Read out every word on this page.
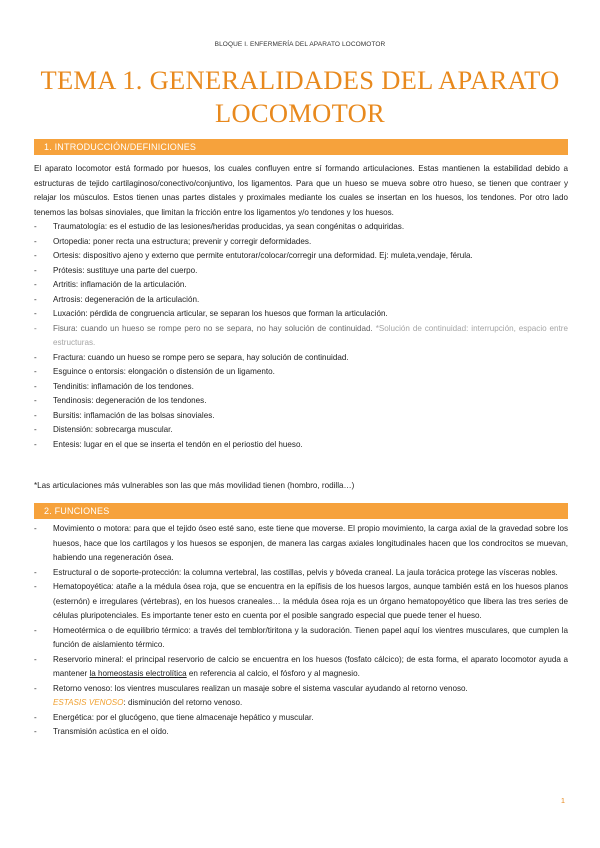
BLOQUE I. ENFERMERÍA DEL APARATO LOCOMOTOR
TEMA 1. GENERALIDADES DEL APARATO
LOCOMOTOR
1. INTRODUCCIÓN/DEFINICIONES
El aparato locomotor está formado por huesos, los cuales confluyen entre sí formando articulaciones. Estas mantienen la estabilidad debido a estructuras de tejido cartilaginoso/conectivo/conjuntivo, los ligamentos. Para que un hueso se mueva sobre otro hueso, se tienen que contraer y relajar los músculos. Estos tienen unas partes distales y proximales mediante los cuales se insertan en los huesos, los tendones. Por otro lado tenemos las bolsas sinoviales, que limitan la fricción entre los ligamentos y/o tendones y los huesos.
- Traumatología: es el estudio de las lesiones/heridas producidas, ya sean congénitas o adquiridas.
- Ortopedia: poner recta una estructura; prevenir y corregir deformidades.
- Ortesis: dispositivo ajeno y externo que permite entutorar/colocar/corregir una deformidad. Ej: muleta,vendaje, férula.
- Prótesis: sustituye una parte del cuerpo.
- Artritis: inflamación de la articulación.
- Artrosis: degeneración de la articulación.
- Luxación: pérdida de congruencia articular, se separan los huesos que forman la articulación.
- Fisura: cuando un hueso se rompe pero no se separa, no hay solución de continuidad. *Solución de continuidad: interrupción, espacio entre estructuras.
- Fractura: cuando un hueso se rompe pero se separa, hay solución de continuidad.
- Esguince o entorsis: elongación o distensión de un ligamento.
- Tendinitis: inflamación de los tendones.
- Tendinosis: degeneración de los tendones.
- Bursitis: inflamación de las bolsas sinoviales.
- Distensión: sobrecarga muscular.
- Entesis: lugar en el que se inserta el tendón en el periostio del hueso.
*Las articulaciones más vulnerables son las que más movilidad tienen (hombro, rodilla…)
2. FUNCIONES
- Movimiento o motora: para que el tejido óseo esté sano, este tiene que moverse. El propio movimiento, la carga axial de la gravedad sobre los huesos, hace que los cartílagos y los huesos se esponjen, de manera las cargas axiales longitudinales hacen que los condrocitos se muevan, habiendo una regeneración ósea.
- Estructural o de soporte-protección: la columna vertebral, las costillas, pelvis y bóveda craneal. La jaula torácica protege las vísceras nobles.
- Hematopoyética: atañe a la médula ósea roja, que se encuentra en la epífisis de los huesos largos, aunque también está en los huesos planos (esternón) e irregulares (vértebras), en los huesos craneales… la médula ósea roja es un órgano hematopoyético que libera las tres series de células pluripotenciales. Es importante tener esto en cuenta por el posible sangrado especial que puede tener el hueso.
- Homeotérmica o de equilibrio térmico: a través del temblor/tiritona y la sudoración. Tienen papel aquí los vientres musculares, que cumplen la función de aislamiento térmico.
- Reservorio mineral: el principal reservorio de calcio se encuentra en los huesos (fosfato cálcico); de esta forma, el aparato locomotor ayuda a mantener la homeostasis electrolítica en referencia al calcio, el fósforo y al magnesio.
- Retorno venoso: los vientres musculares realizan un masaje sobre el sistema vascular ayudando al retorno venoso.
ESTASIS VENOSO: disminución del retorno venoso.
- Energética: por el glucógeno, que tiene almacenaje hepático y muscular.
- Transmisión acústica en el oído.
1
